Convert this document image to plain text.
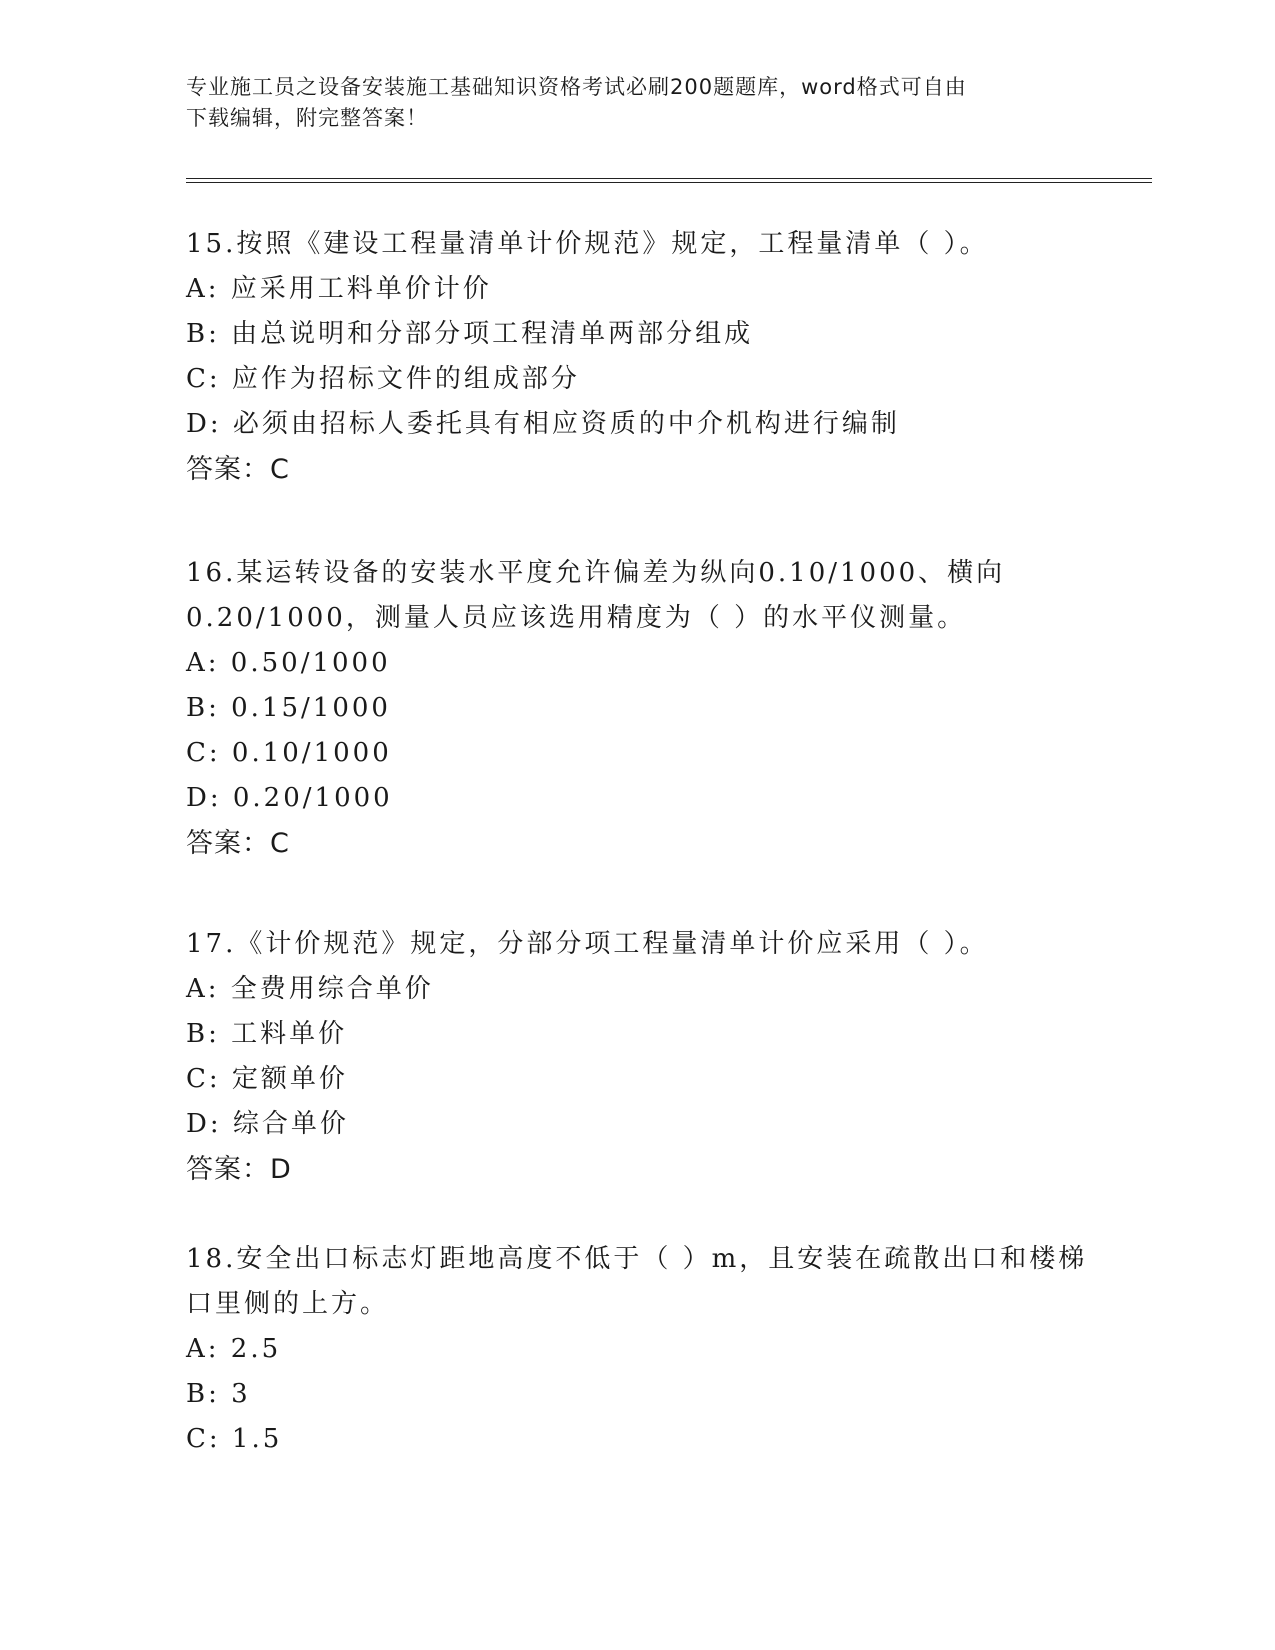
专业施工员之设备安装施工基础知识资格考试必刷200题题库，word格式可自由
下载编辑，附完整答案！

15.按照《建设工程量清单计价规范》规定，工程量清单（ ）。

A: 应采用工料单价计价

B: 由总说明和分部分项工程清单两部分组成

C: 应作为招标文件的组成部分

D: 必须由招标人委托具有相应资质的中介机构进行编制

答案：C

16.某运转设备的安装水平度允许偏差为纵向0.10/1000、横向

0.20/1000，测量人员应该选用精度为（ ）的水平仪测量。

A: 0.50/1000

B: 0.15/1000

C: 0.10/1000

D: 0.20/1000

答案：C

17.《计价规范》规定，分部分项工程量清单计价应采用（ ）。

A: 全费用综合单价

B: 工料单价

C: 定额单价

D: 综合单价

答案：D

18.安全出口标志灯距地高度不低于（ ）m，且安装在疏散出口和楼梯

口里侧的上方。

A: 2.5

B: 3

C: 1.5
